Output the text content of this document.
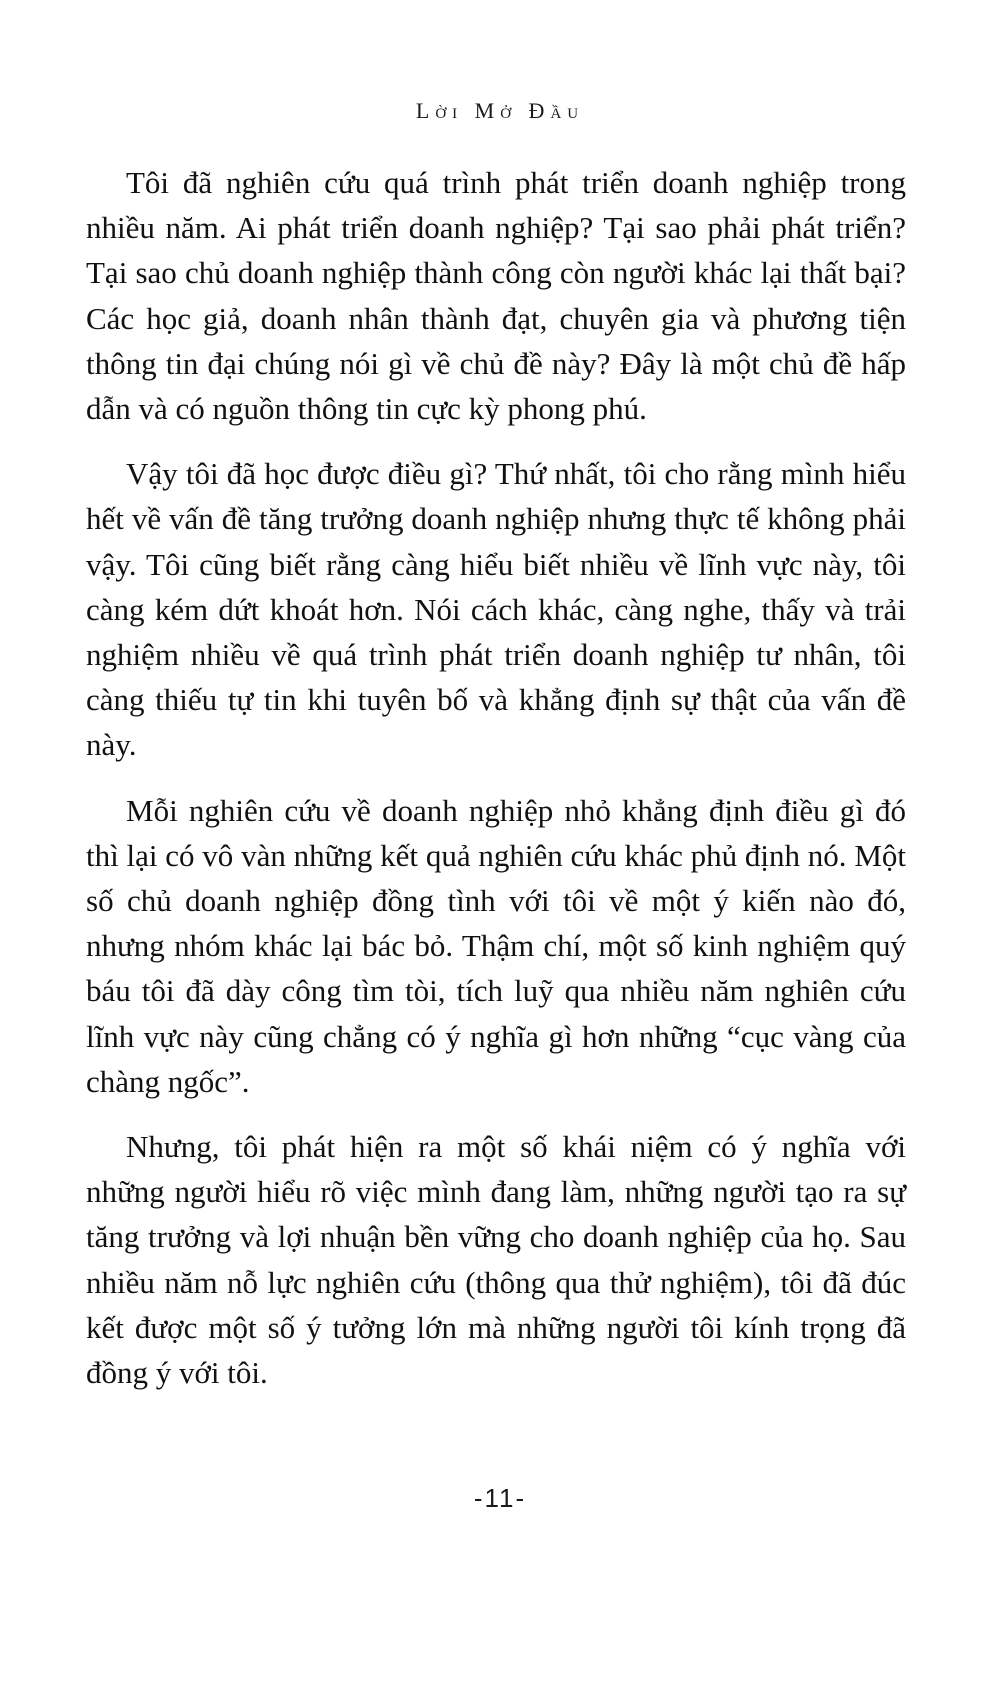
Lời Mở Đầu

Tôi đã nghiên cứu quá trình phát triển doanh nghiệp trong nhiều năm. Ai phát triển doanh nghiệp? Tại sao phải phát triển? Tại sao chủ doanh nghiệp thành công còn người khác lại thất bại? Các học giả, doanh nhân thành đạt, chuyên gia và phương tiện thông tin đại chúng nói gì về chủ đề này? Đây là một chủ đề hấp dẫn và có nguồn thông tin cực kỳ phong phú.

Vậy tôi đã học được điều gì? Thứ nhất, tôi cho rằng mình hiểu hết về vấn đề tăng trưởng doanh nghiệp nhưng thực tế không phải vậy. Tôi cũng biết rằng càng hiểu biết nhiều về lĩnh vực này, tôi càng kém dứt khoát hơn. Nói cách khác, càng nghe, thấy và trải nghiệm nhiều về quá trình phát triển doanh nghiệp tư nhân, tôi càng thiếu tự tin khi tuyên bố và khẳng định sự thật của vấn đề này.

Mỗi nghiên cứu về doanh nghiệp nhỏ khẳng định điều gì đó thì lại có vô vàn những kết quả nghiên cứu khác phủ định nó. Một số chủ doanh nghiệp đồng tình với tôi về một ý kiến nào đó, nhưng nhóm khác lại bác bỏ. Thậm chí, một số kinh nghiệm quý báu tôi đã dày công tìm tòi, tích luỹ qua nhiều năm nghiên cứu lĩnh vực này cũng chẳng có ý nghĩa gì hơn những “cục vàng của chàng ngốc”.

Nhưng, tôi phát hiện ra một số khái niệm có ý nghĩa với những người hiểu rõ việc mình đang làm, những người tạo ra sự tăng trưởng và lợi nhuận bền vững cho doanh nghiệp của họ. Sau nhiều năm nỗ lực nghiên cứu (thông qua thử nghiệm), tôi đã đúc kết được một số ý tưởng lớn mà những người tôi kính trọng đã đồng ý với tôi.

-11-
